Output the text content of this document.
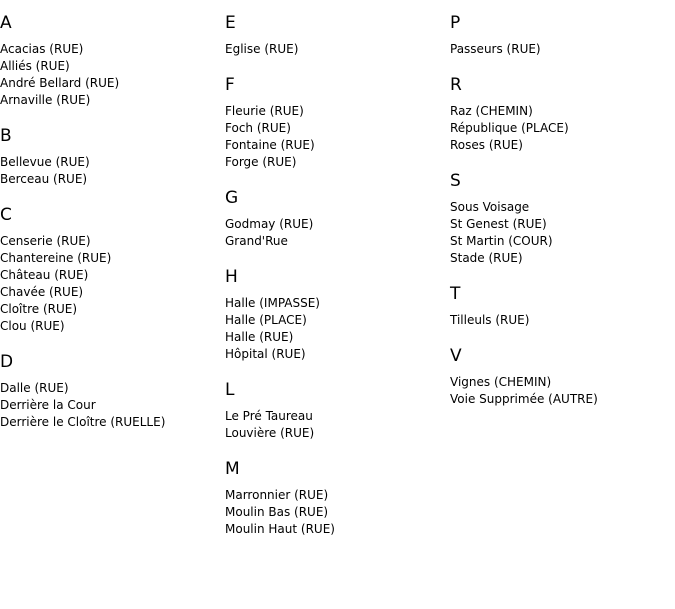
A
Acacias (RUE)
Alliés (RUE)
André Bellard (RUE)
Arnaville (RUE)
B
Bellevue (RUE)
Berceau (RUE)
C
Censerie (RUE)
Chantereine (RUE)
Château (RUE)
Chavée (RUE)
Cloître (RUE)
Clou (RUE)
D
Dalle (RUE)
Derrière la Cour
Derrière le Cloître (RUELLE)
E
Eglise (RUE)
F
Fleurie (RUE)
Foch (RUE)
Fontaine (RUE)
Forge (RUE)
G
Godmay (RUE)
Grand'Rue
H
Halle (IMPASSE)
Halle (PLACE)
Halle (RUE)
Hôpital (RUE)
L
Le Pré Taureau
Louvière (RUE)
M
Marronnier (RUE)
Moulin Bas (RUE)
Moulin Haut (RUE)
P
Passeurs (RUE)
R
Raz (CHEMIN)
République (PLACE)
Roses (RUE)
S
Sous Voisage
St Genest (RUE)
St Martin (COUR)
Stade (RUE)
T
Tilleuls (RUE)
V
Vignes (CHEMIN)
Voie Supprimée (AUTRE)
